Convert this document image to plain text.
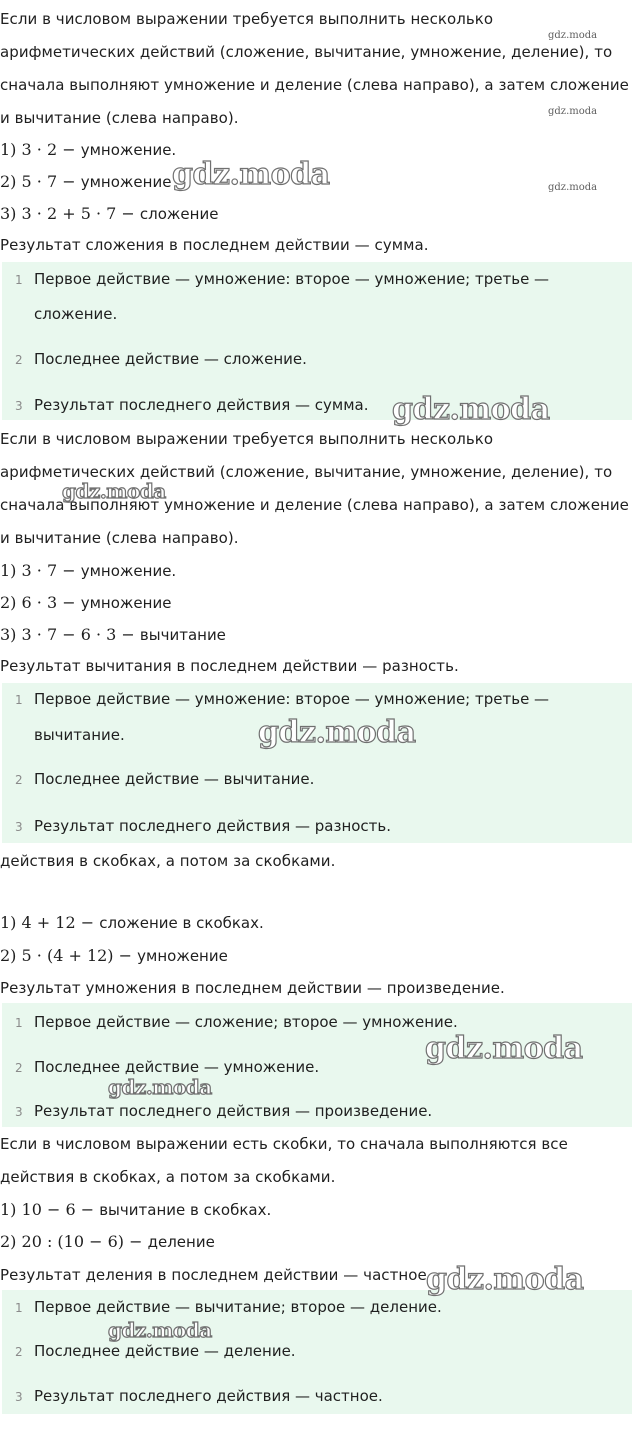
Если в числовом выражении требуется выполнить несколько
арифметических действий (сложение, вычитание, умножение, деление), то
сначала выполняют умножение и деление (слева направо), а затем сложение
и вычитание (слева направо).
1) 3 · 2 − умножение.
2) 5 · 7 − умножение
3) 3 · 2 + 5 · 7 − сложение
Результат сложения в последнем действии — сумма.
1 Первое действие — умножение: второе — умножение; третье —
сложение.
2 Последнее действие — сложение.
3 Результат последнего действия — сумма.
Если в числовом выражении требуется выполнить несколько
арифметических действий (сложение, вычитание, умножение, деление), то
сначала выполняют умножение и деление (слева направо), а затем сложение
и вычитание (слева направо).
1) 3 · 7 − умножение.
2) 6 · 3 − умножение
3) 3 · 7 − 6 · 3 − вычитание
Результат вычитания в последнем действии — разность.
1 Первое действие — умножение: второе — умножение; третье —
вычитание.
2 Последнее действие — вычитание.
3 Результат последнего действия — разность.
действия в скобках, а потом за скобками.
1) 4 + 12 − сложение в скобках.
2) 5 · (4 + 12) − умножение
Результат умножения в последнем действии — произведение.
1 Первое действие — сложение; второе — умножение.
2 Последнее действие — умножение.
3 Результат последнего действия — произведение.
Если в числовом выражении есть скобки, то сначала выполняются все
действия в скобках, а потом за скобками.
1) 10 − 6 − вычитание в скобках.
2) 20 : (10 − 6) − деление
Результат деления в последнем действии — частное.
1 Первое действие — вычитание; второе — деление.
2 Последнее действие — деление.
3 Результат последнего действия — частное.
gdz.moda
gdz.moda
gdz.moda
gdz.moda
gdz.moda
gdz.moda
gdz.moda
gdz.moda
gdz.moda
gdz.moda
gdz.moda
